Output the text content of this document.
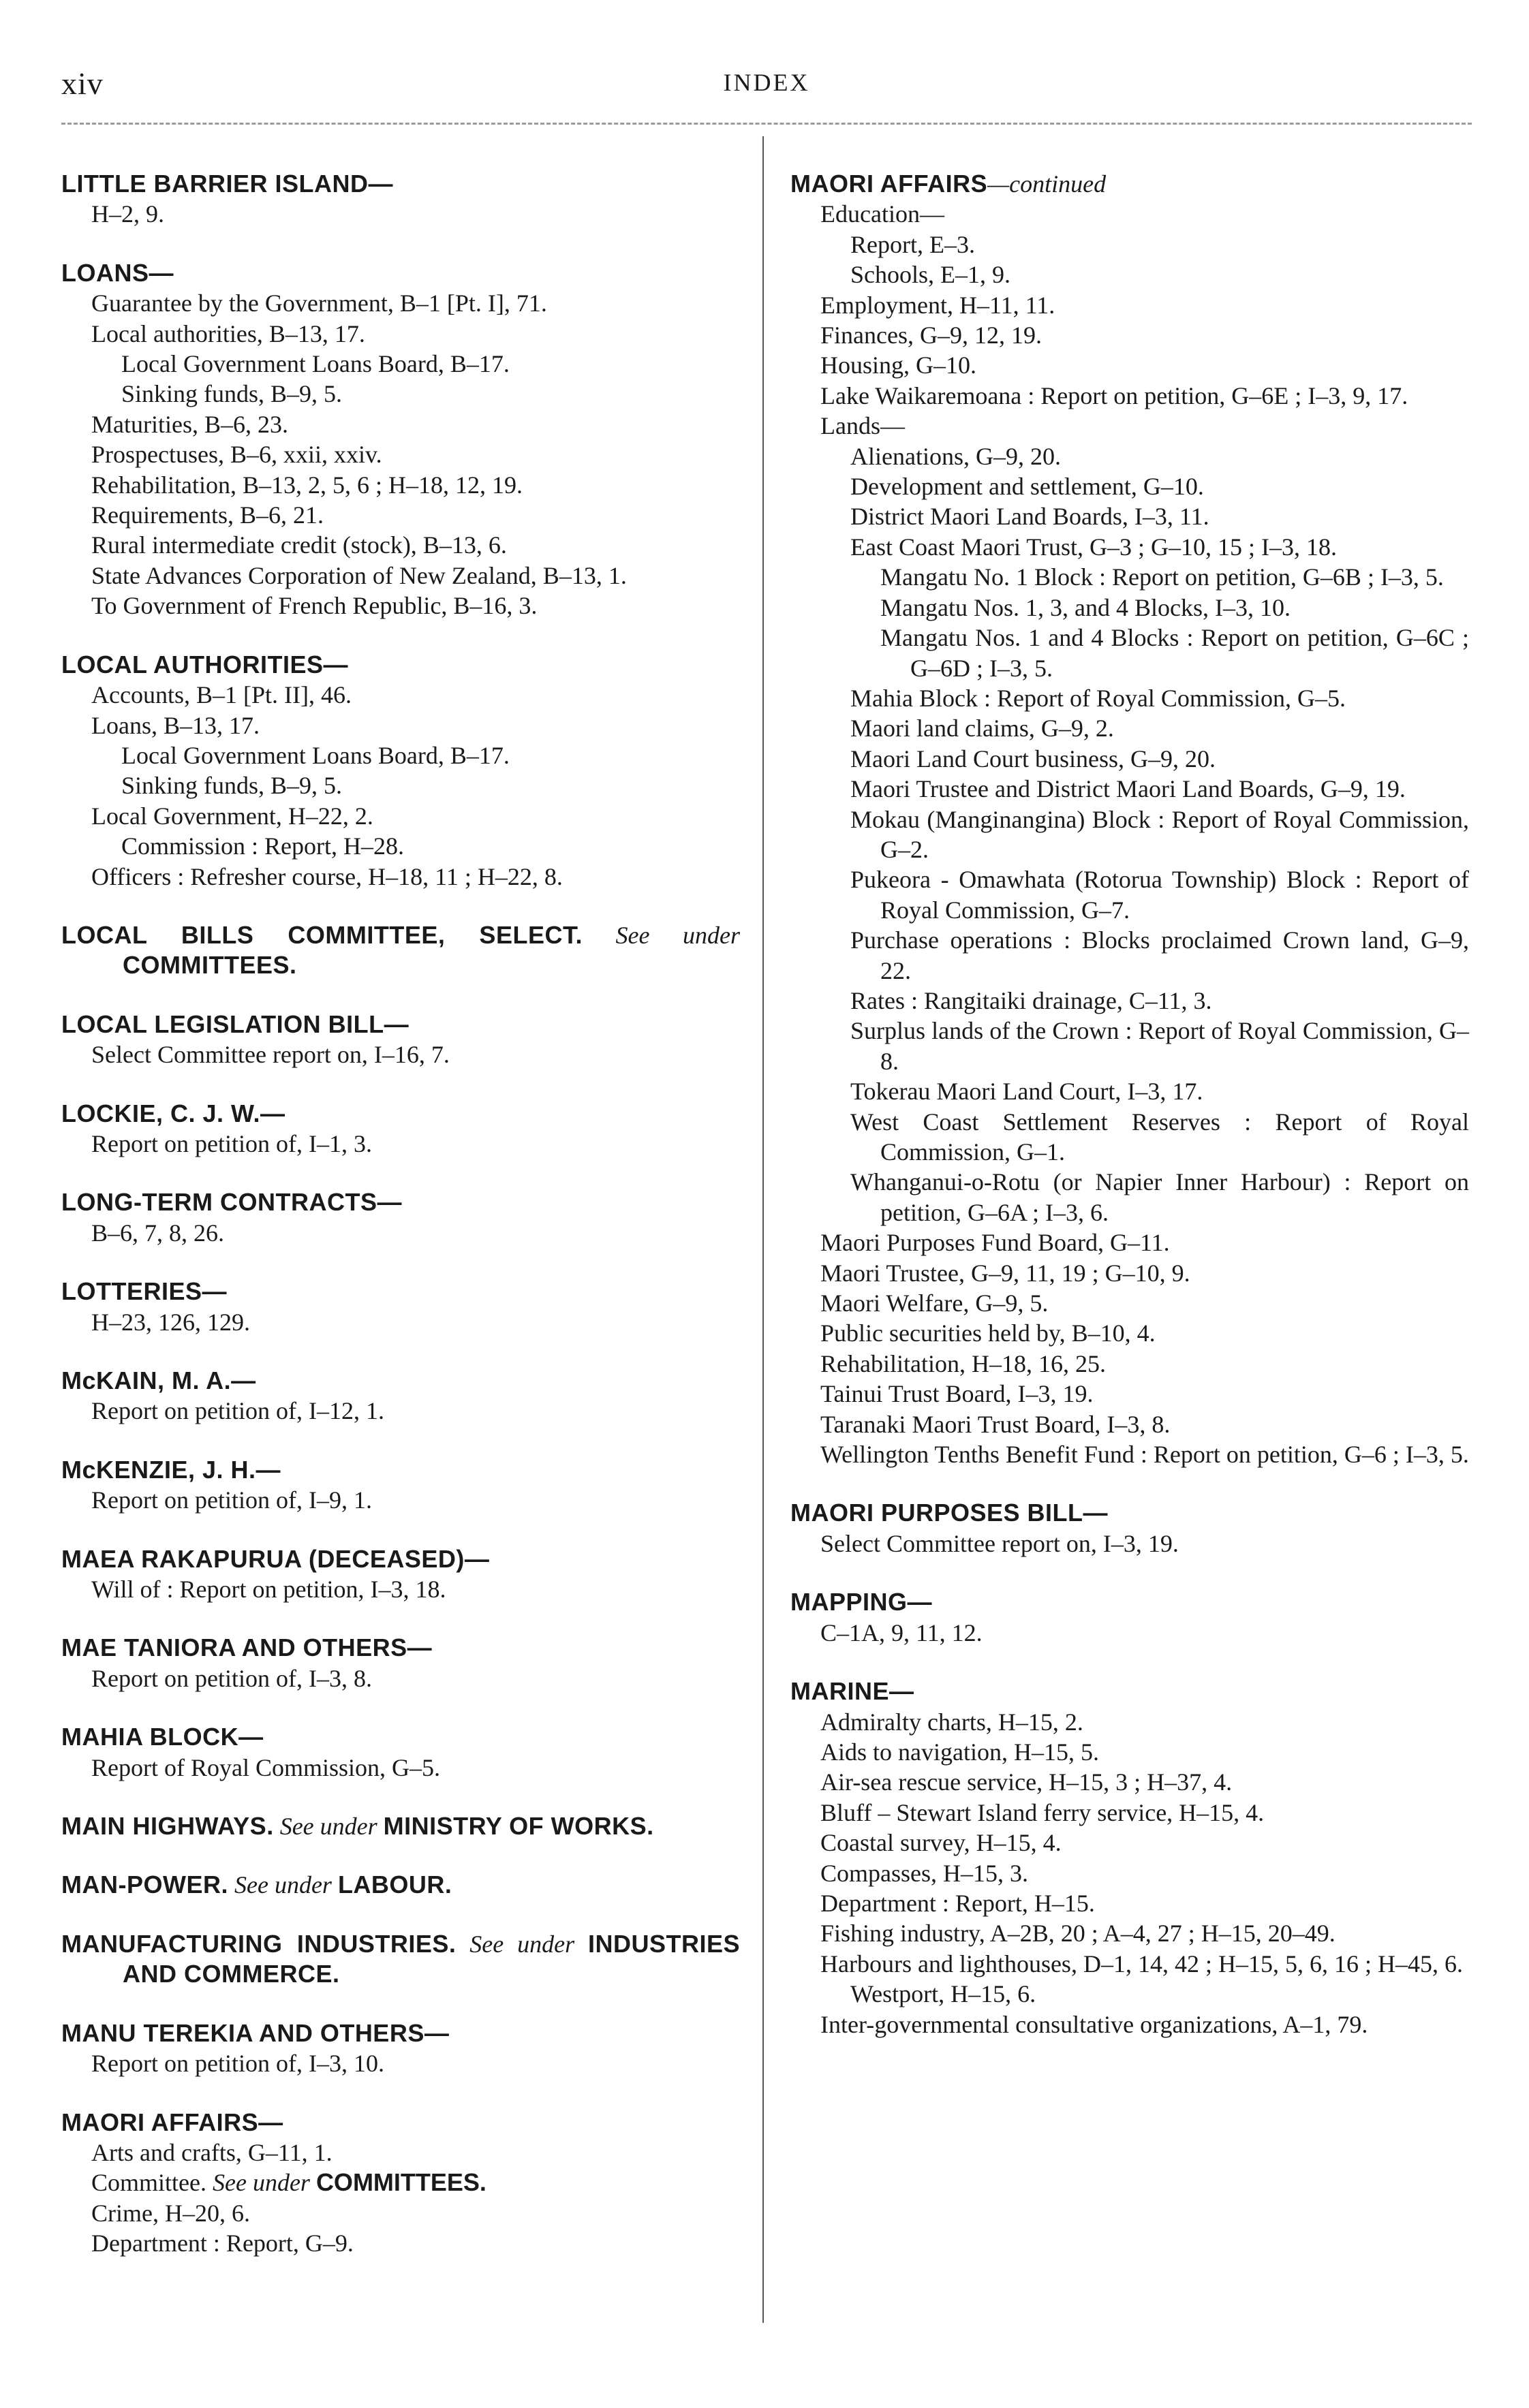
xiv	INDEX
LITTLE BARRIER ISLAND—
H–2, 9.
LOANS—
Guarantee by the Government, B–1 [Pt. I], 71.
Local authorities, B–13, 17.
Local Government Loans Board, B–17.
Sinking funds, B–9, 5.
Maturities, B–6, 23.
Prospectuses, B–6, xxii, xxiv.
Rehabilitation, B–13, 2, 5, 6 ; H–18, 12, 19.
Requirements, B–6, 21.
Rural intermediate credit (stock), B–13, 6.
State Advances Corporation of New Zealand, B–13, 1.
To Government of French Republic, B–16, 3.
LOCAL AUTHORITIES—
Accounts, B–1 [Pt. II], 46.
Loans, B–13, 17.
Local Government Loans Board, B–17.
Sinking funds, B–9, 5.
Local Government, H–22, 2.
Commission : Report, H–28.
Officers : Refresher course, H–18, 11 ; H–22, 8.
LOCAL BILLS COMMITTEE, SELECT. See under COMMITTEES.
LOCAL LEGISLATION BILL—
Select Committee report on, I–16, 7.
LOCKIE, C. J. W.—
Report on petition of, I–1, 3.
LONG-TERM CONTRACTS—
B–6, 7, 8, 26.
LOTTERIES—
H–23, 126, 129.
McKAIN, M. A.—
Report on petition of, I–12, 1.
McKENZIE, J. H.—
Report on petition of, I–9, 1.
MAEA RAKAPURUA (DECEASED)—
Will of : Report on petition, I–3, 18.
MAE TANIORA AND OTHERS—
Report on petition of, I–3, 8.
MAHIA BLOCK—
Report of Royal Commission, G–5.
MAIN HIGHWAYS. See under MINISTRY OF WORKS.
MAN-POWER. See under LABOUR.
MANUFACTURING INDUSTRIES. See under INDUSTRIES AND COMMERCE.
MANU TEREKIA AND OTHERS—
Report on petition of, I–3, 10.
MAORI AFFAIRS—
Arts and crafts, G–11, 1.
Committee. See under COMMITTEES.
Crime, H–20, 6.
Department : Report, G–9.
MAORI AFFAIRS—continued
Education—
Report, E–3.
Schools, E–1, 9.
Employment, H–11, 11.
Finances, G–9, 12, 19.
Housing, G–10.
Lake Waikaremoana : Report on petition, G–6E ; I–3, 9, 17.
Lands—
Alienations, G–9, 20.
Development and settlement, G–10.
District Maori Land Boards, I–3, 11.
East Coast Maori Trust, G–3 ; G–10, 15 ; I–3, 18.
Mangatu No. 1 Block : Report on petition, G–6B ; I–3, 5.
Mangatu Nos. 1, 3, and 4 Blocks, I–3, 10.
Mangatu Nos. 1 and 4 Blocks : Report on petition, G–6C ; G–6D ; I–3, 5.
Mahia Block : Report of Royal Commission, G–5.
Maori land claims, G–9, 2.
Maori Land Court business, G–9, 20.
Maori Trustee and District Maori Land Boards, G–9, 19.
Mokau (Manginangina) Block : Report of Royal Commission, G–2.
Pukeora - Omawhata (Rotorua Township) Block : Report of Royal Commission, G–7.
Purchase operations : Blocks proclaimed Crown land, G–9, 22.
Rates : Rangitaiki drainage, C–11, 3.
Surplus lands of the Crown : Report of Royal Commission, G–8.
Tokerau Maori Land Court, I–3, 17.
West Coast Settlement Reserves : Report of Royal Commission, G–1.
Whanganui-o-Rotu (or Napier Inner Harbour) : Report on petition, G–6A ; I–3, 6.
Maori Purposes Fund Board, G–11.
Maori Trustee, G–9, 11, 19 ; G–10, 9.
Maori Welfare, G–9, 5.
Public securities held by, B–10, 4.
Rehabilitation, H–18, 16, 25.
Tainui Trust Board, I–3, 19.
Taranaki Maori Trust Board, I–3, 8.
Wellington Tenths Benefit Fund : Report on petition, G–6 ; I–3, 5.
MAORI PURPOSES BILL—
Select Committee report on, I–3, 19.
MAPPING—
C–1A, 9, 11, 12.
MARINE—
Admiralty charts, H–15, 2.
Aids to navigation, H–15, 5.
Air-sea rescue service, H–15, 3 ; H–37, 4.
Bluff – Stewart Island ferry service, H–15, 4.
Coastal survey, H–15, 4.
Compasses, H–15, 3.
Department : Report, H–15.
Fishing industry, A–2B, 20 ; A–4, 27 ; H–15, 20–49.
Harbours and lighthouses, D–1, 14, 42 ; H–15, 5, 6, 16 ; H–45, 6.
Westport, H–15, 6.
Inter-governmental consultative organizations, A–1, 79.
